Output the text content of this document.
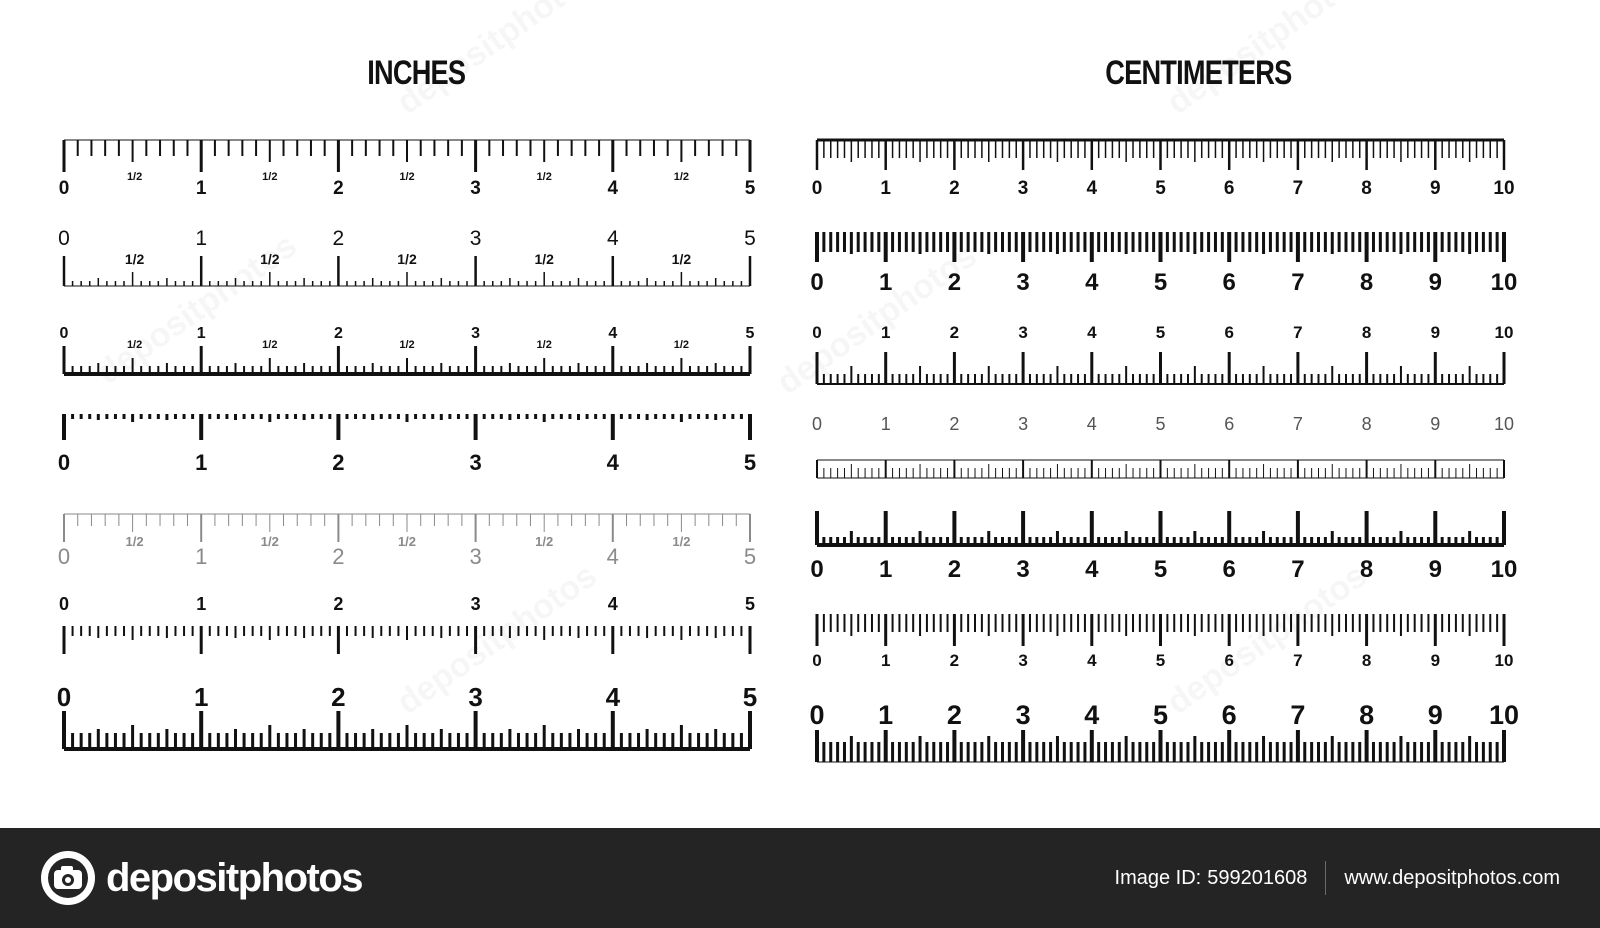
INCHES	CENTIMETERS
0	1	2	3	4	5
1/2	1/2	1/2	1/2	1/2
0	1	2	3	4	5
1/2	1/2	1/2	1/2	1/2
0	1	2	3	4	5
1/2	1/2	1/2	1/2	1/2
0	1	2	3	4	5
0	1	2	3	4	5
1/2	1/2	1/2	1/2	1/2
0	1	2	3	4	5
0	1	2	3	4	5
0	1	2	3	4	5	6	7	8	9	10
0 1 2 3 4 5 6 7 8 9 10
0	1	2	3	4	5	6	7	8	9	10
0	1	2	3	4	5	6	7	8	9	10
0 1 2 3 4 5 6 7 8 9 10
0	1	2	3	4	5	6	7	8	9	10
0 1 2 3 4 5 6 7 8 9 10
depositphotos	Image ID: 599201608 www.depositphotos.com
